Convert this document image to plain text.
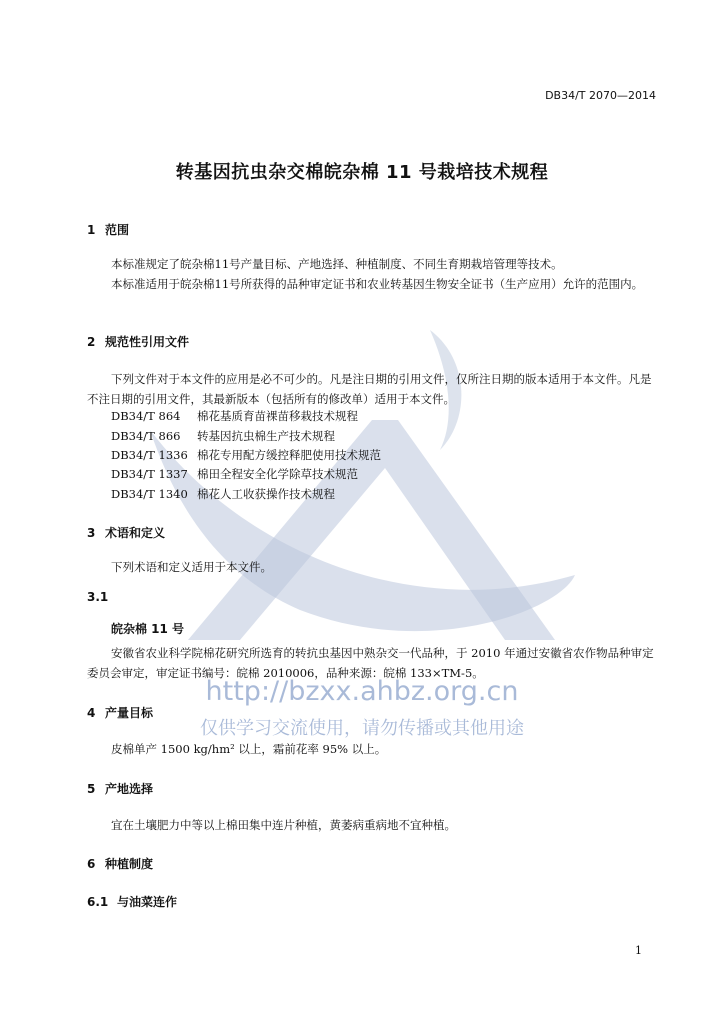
DB34/T 2070—2014
转基因抗虫杂交棉皖杂棉 11 号栽培技术规程
1 范围
本标准规定了皖杂棉11号产量目标、产地选择、种植制度、不同生育期栽培管理等技术。
本标准适用于皖杂棉11号所获得的品种审定证书和农业转基因生物安全证书（生产应用）允许的范围内。
2 规范性引用文件
下列文件对于本文件的应用是必不可少的。凡是注日期的引用文件，仅所注日期的版本适用于本文件。凡是不注日期的引用文件，其最新版本（包括所有的修改单）适用于本文件。
DB34/T 864 棉花基质育苗裸苗移栽技术规程
DB34/T 866 转基因抗虫棉生产技术规程
DB34/T 1336 棉花专用配方缓控释肥使用技术规范
DB34/T 1337 棉田全程安全化学除草技术规范
DB34/T 1340 棉花人工收获操作技术规程
3 术语和定义
下列术语和定义适用于本文件。
3.1
皖杂棉 11 号
安徽省农业科学院棉花研究所选育的转抗虫基因中熟杂交一代品种，于 2010 年通过安徽省农作物品种审定委员会审定，审定证书编号：皖棉 2010006，品种来源：皖棉 133×TM-5。
4 产量目标
皮棉单产 1500 kg/hm² 以上，霜前花率 95% 以上。
5 产地选择
宜在土壤肥力中等以上棉田集中连片种植，黄萎病重病地不宜种植。
6 种植制度
6.1 与油菜连作
http://bzxx.ahbz.org.cn
仅供学习交流使用，请勿传播或其他用途
1
